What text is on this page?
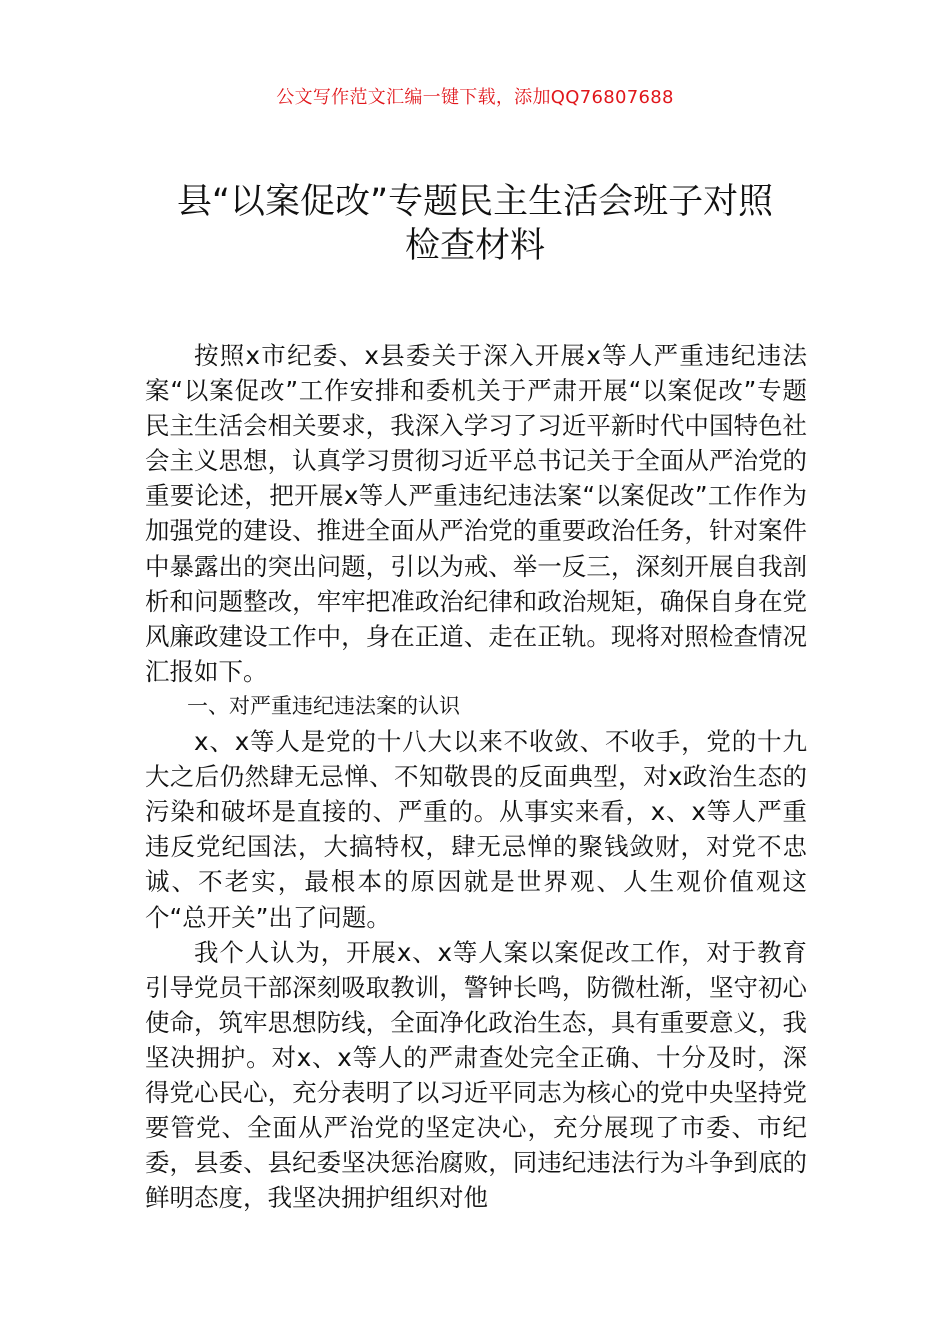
公文写作范文汇编一键下载，添加QQ76807688
县“以案促改”专题民主生活会班子对照
检查材料

按照x市纪委、x县委关于深入开展x等人严重违纪违法案“以案促改”工作安排和委机关于严肃开展“以案促改”专题民主生活会相关要求，我深入学习了习近平新时代中国特色社会主义思想，认真学习贯彻习近平总书记关于全面从严治党的重要论述，把开展x等人严重违纪违法案“以案促改”工作作为加强党的建设、推进全面从严治党的重要政治任务，针对案件中暴露出的突出问题，引以为戒、举一反三，深刻开展自我剖析和问题整改，牢牢把准政治纪律和政治规矩，确保自身在党风廉政建设工作中，身在正道、走在正轨。现将对照检查情况汇报如下。

一、对严重违纪违法案的认识

x、x等人是党的十八大以来不收敛、不收手，党的十九大之后仍然肆无忌惮、不知敬畏的反面典型，对x政治生态的污染和破坏是直接的、严重的。从事实来看，x、x等人严重违反党纪国法，大搞特权，肆无忌惮的聚钱敛财，对党不忠诚、不老实，最根本的原因就是世界观、人生观价值观这个“总开关”出了问题。

我个人认为，开展x、x等人案以案促改工作，对于教育引导党员干部深刻吸取教训，警钟长鸣，防微杜渐，坚守初心使命，筑牢思想防线，全面净化政治生态，具有重要意义，我坚决拥护。对x、x等人的严肃查处完全正确、十分及时，深得党心民心，充分表明了以习近平同志为核心的党中央坚持党要管党、全面从严治党的坚定决心，充分展现了市委、市纪委，县委、县纪委坚决惩治腐败，同违纪违法行为斗争到底的鲜明态度，我坚决拥护组织对他
